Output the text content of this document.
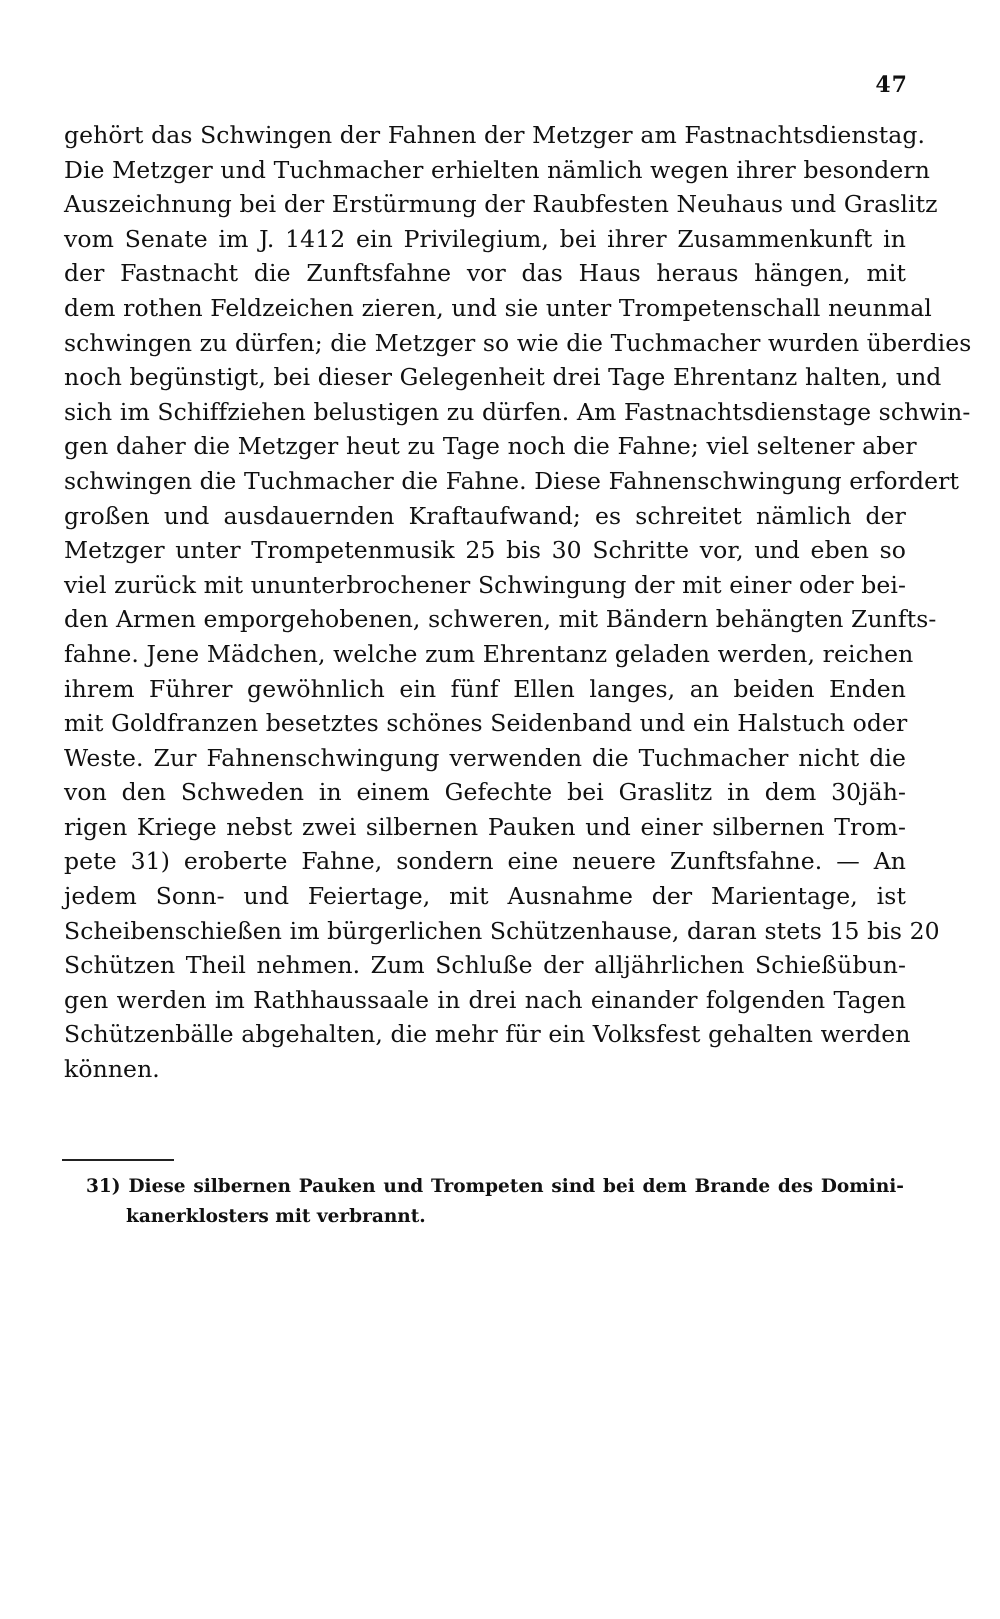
47
gehört das Schwingen der Fahnen der Metzger am Fastnachtsdienstag.
Die Metzger und Tuchmacher erhielten nämlich wegen ihrer besondern
Auszeichnung bei der Erstürmung der Raubfesten Neuhaus und Graslitz
vom Senate im J. 1412 ein Privilegium, bei ihrer Zusammenkunft in
der Fastnacht die Zunftsfahne vor das Haus heraus hängen, mit
dem rothen Feldzeichen zieren, und sie unter Trompetenschall neunmal
schwingen zu dürfen; die Metzger so wie die Tuchmacher wurden überdies
noch begünstigt, bei dieser Gelegenheit drei Tage Ehrentanz halten, und
sich im Schiffziehen belustigen zu dürfen. Am Fastnachtsdienstage schwin-
gen daher die Metzger heut zu Tage noch die Fahne; viel seltener aber
schwingen die Tuchmacher die Fahne. Diese Fahnenschwingung erfordert
großen und ausdauernden Kraftaufwand; es schreitet nämlich der
Metzger unter Trompetenmusik 25 bis 30 Schritte vor, und eben so
viel zurück mit ununterbrochener Schwingung der mit einer oder bei-
den Armen emporgehobenen, schweren, mit Bändern behängten Zunfts-
fahne. Jene Mädchen, welche zum Ehrentanz geladen werden, reichen
ihrem Führer gewöhnlich ein fünf Ellen langes, an beiden Enden
mit Goldfranzen besetztes schönes Seidenband und ein Halstuch oder
Weste. Zur Fahnenschwingung verwenden die Tuchmacher nicht die
von den Schweden in einem Gefechte bei Graslitz in dem 30jäh-
rigen Kriege nebst zwei silbernen Pauken und einer silbernen Trom-
pete 31) eroberte Fahne, sondern eine neuere Zunftsfahne. — An
jedem Sonn- und Feiertage, mit Ausnahme der Marientage, ist
Scheibenschießen im bürgerlichen Schützenhause, daran stets 15 bis 20
Schützen Theil nehmen. Zum Schluße der alljährlichen Schießübun-
gen werden im Rathhaussaale in drei nach einander folgenden Tagen
Schützenbälle abgehalten, die mehr für ein Volksfest gehalten werden
können.
31) Diese silbernen Pauken und Trompeten sind bei dem Brande des Domini-
kanerklosters mit verbrannt.
